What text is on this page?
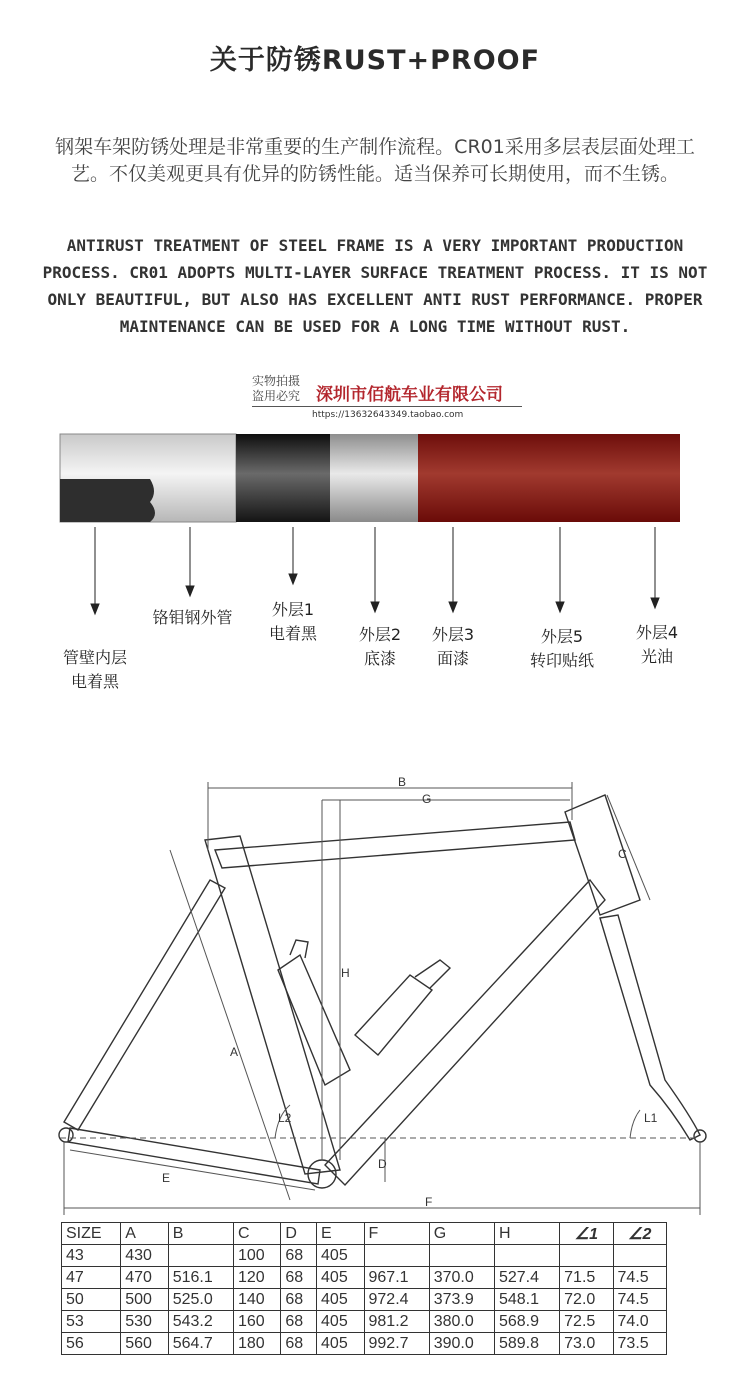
关于防锈RUST+PROOF
钢架车架防锈处理是非常重要的生产制作流程。CR01采用多层表层面处理工艺。不仅美观更具有优异的防锈性能。适当保养可长期使用，而不生锈。
ANTIRUST TREATMENT OF STEEL FRAME IS A VERY IMPORTANT PRODUCTION PROCESS. CR01 ADOPTS MULTI-LAYER SURFACE TREATMENT PROCESS. IT IS NOT ONLY BEAUTIFUL, BUT ALSO HAS EXCELLENT ANTI RUST PERFORMANCE. PROPER MAINTENANCE CAN BE USED FOR A LONG TIME WITHOUT RUST.
实物拍摄
盗用必究 深圳市佰航车业有限公司
https://13632643349.taobao.com
管壁内层
电着黑
铬钼钢外管	外层1
电着黑	外层2
底漆
外层3
面漆
外层5
转印贴纸
外层4
光油
B
G
H
A
C
D
E
F
L1
L2
SIZE	A	B	C	D	E	F	G	H	∠1	∠2
43	430		100	68	405					
47	470	516.1	120	68	405	967.1	370.0	527.4	71.5	74.5
50	500	525.0	140	68	405	972.4	373.9	548.1	72.0	74.5
53	530	543.2	160	68	405	981.2	380.0	568.9	72.5	74.0
56	560	564.7	180	68	405	992.7	390.0	589.8	73.0	73.5
